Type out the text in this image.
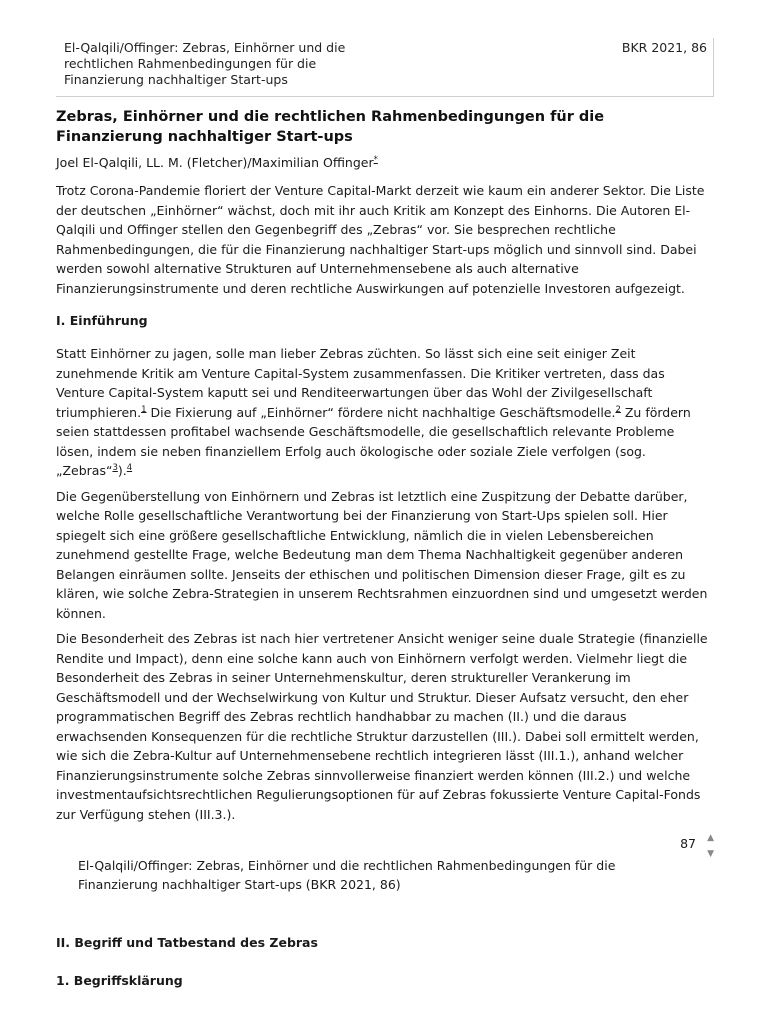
El-Qalqili/Offinger: Zebras, Einhörner und die
rechtlichen Rahmenbedingungen für die
Finanzierung nachhaltiger Start-ups
BKR 2021, 86
Zebras, Einhörner und die rechtlichen Rahmenbedingungen für die Finanzierung nachhaltiger Start-ups
Joel El-Qalqili, LL. M. (Fletcher)/Maximilian Offinger*

Trotz Corona-Pandemie floriert der Venture Capital-Markt derzeit wie kaum ein anderer Sektor. Die Liste der deutschen „Einhörner“ wächst, doch mit ihr auch Kritik am Konzept des Einhorns. Die Autoren El-Qalqili und Offinger stellen den Gegenbegriff des „Zebras“ vor. Sie besprechen rechtliche Rahmenbedingungen, die für die Finanzierung nachhaltiger Start-ups möglich und sinnvoll sind. Dabei werden sowohl alternative Strukturen auf Unternehmensebene als auch alternative Finanzierungsinstrumente und deren rechtliche Auswirkungen auf potenzielle Investoren aufgezeigt.

I. Einführung

Statt Einhörner zu jagen, solle man lieber Zebras züchten. So lässt sich eine seit einiger Zeit zunehmende Kritik am Venture Capital-System zusammenfassen. Die Kritiker vertreten, dass das Venture Capital-System kaputt sei und Renditeerwartungen über das Wohl der Zivilgesellschaft triumphieren.$^1$ Die Fixierung auf „Einhörner“ fördere nicht nachhaltige Geschäftsmodelle.$^2$ Zu fördern seien stattdessen profitabel wachsende Geschäftsmodelle, die gesellschaftlich relevante Probleme lösen, indem sie neben finanziellem Erfolg auch ökologische oder soziale Ziele verfolgen (sog. „Zebras“$^3$).$^4$

Die Gegenüberstellung von Einhörnern und Zebras ist letztlich eine Zuspitzung der Debatte darüber, welche Rolle gesellschaftliche Verantwortung bei der Finanzierung von Start-Ups spielen soll. Hier spiegelt sich eine größere gesellschaftliche Entwicklung, nämlich die in vielen Lebensbereichen zunehmend gestellte Frage, welche Bedeutung man dem Thema Nachhaltigkeit gegenüber anderen Belangen einräumen sollte. Jenseits der ethischen und politischen Dimension dieser Frage, gilt es zu klären, wie solche Zebra-Strategien in unserem Rechtsrahmen einzuordnen sind und umgesetzt werden können.

Die Besonderheit des Zebras ist nach hier vertretener Ansicht weniger seine duale Strategie (finanzielle Rendite und Impact), denn eine solche kann auch von Einhörnern verfolgt werden. Vielmehr liegt die Besonderheit des Zebras in seiner Unternehmenskultur, deren struktureller Verankerung im Geschäftsmodell und der Wechselwirkung von Kultur und Struktur. Dieser Aufsatz versucht, den eher programmatischen Begriff des Zebras rechtlich handhabbar zu machen (II.) und die daraus erwachsenden Konsequenzen für die rechtliche Struktur darzustellen (III.). Dabei soll ermittelt werden, wie sich die Zebra-Kultur auf Unternehmensebene rechtlich integrieren lässt (III.1.), anhand welcher Finanzierungsinstrumente solche Zebras sinnvollerweise finanziert werden können (III.2.) und welche investmentaufsichtsrechtlichen Regulierungsoptionen für auf Zebras fokussierte Venture Capital-Fonds zur Verfügung stehen (III.3.).

87 ▲
▼
El-Qalqili/Offinger: Zebras, Einhörner und die rechtlichen Rahmenbedingungen für die Finanzierung nachhaltiger Start-ups (BKR 2021, 86)
II. Begriff und Tatbestand des Zebras
1. Begriffsklärung
